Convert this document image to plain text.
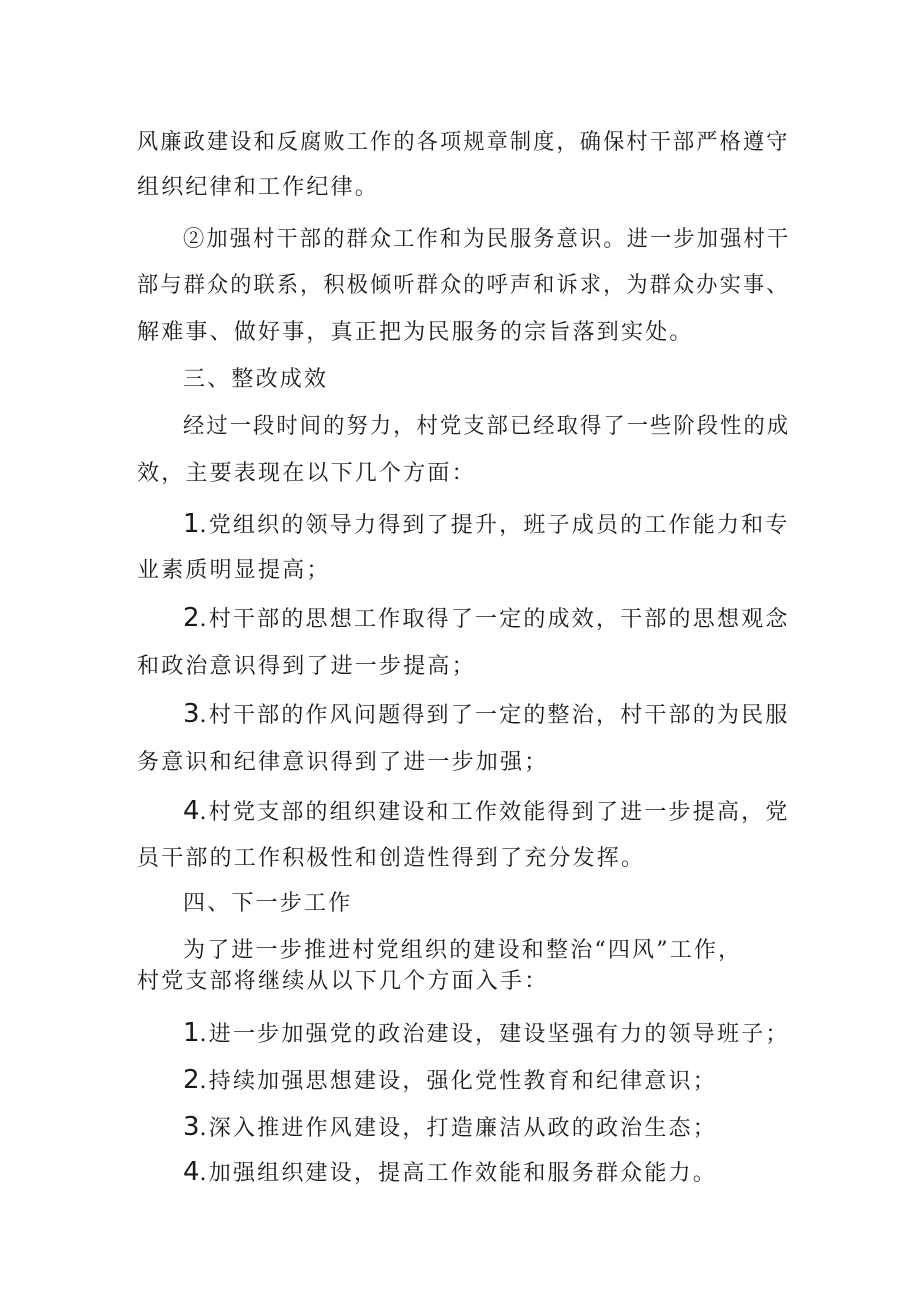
风廉政建设和反腐败工作的各项规章制度，确保村干部严格遵守
组织纪律和工作纪律。
②加强村干部的群众工作和为民服务意识。进一步加强村干
部与群众的联系，积极倾听群众的呼声和诉求，为群众办实事、
解难事、做好事，真正把为民服务的宗旨落到实处。
三、整改成效
经过一段时间的努力，村党支部已经取得了一些阶段性的成
效，主要表现在以下几个方面：
1.党组织的领导力得到了提升，班子成员的工作能力和专
业素质明显提高；
2.村干部的思想工作取得了一定的成效，干部的思想观念
和政治意识得到了进一步提高；
3.村干部的作风问题得到了一定的整治，村干部的为民服
务意识和纪律意识得到了进一步加强；
4.村党支部的组织建设和工作效能得到了进一步提高，党
员干部的工作积极性和创造性得到了充分发挥。
四、下一步工作
为了进一步推进村党组织的建设和整治“四风”工作，
村党支部将继续从以下几个方面入手：
1.进一步加强党的政治建设，建设坚强有力的领导班子；
2.持续加强思想建设，强化党性教育和纪律意识；
3.深入推进作风建设，打造廉洁从政的政治生态；
4.加强组织建设，提高工作效能和服务群众能力。
